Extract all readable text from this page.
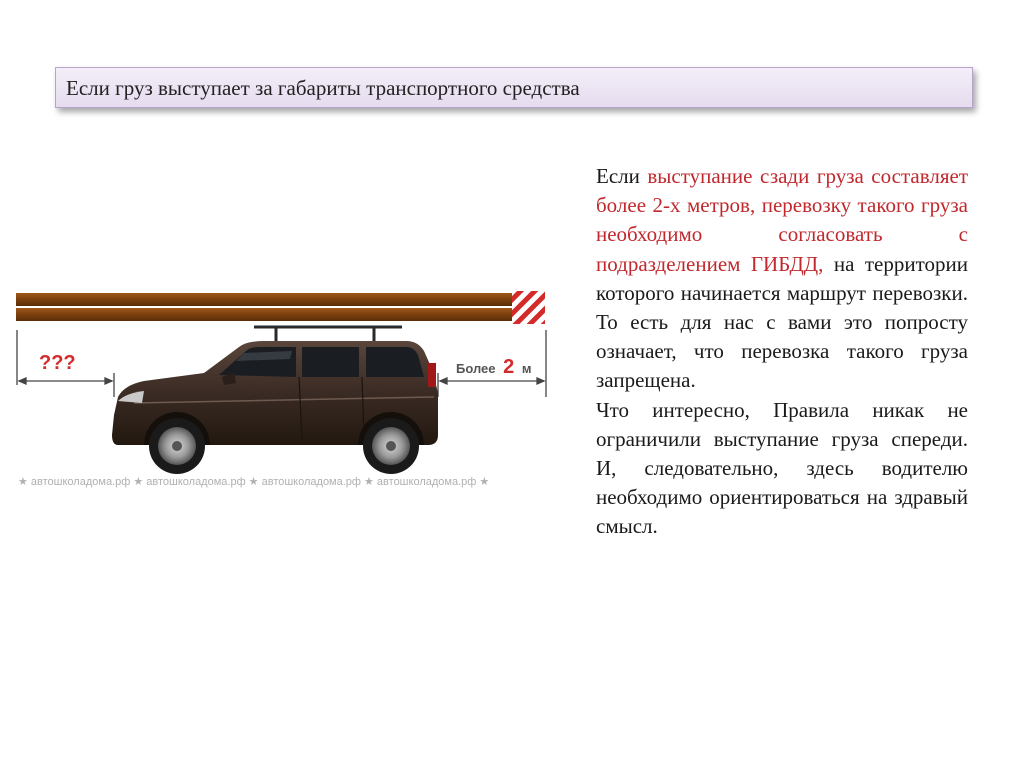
Если груз выступает за габариты транспортного средства
???	Более 2 м
★ автошколадома.рф ★ автошколадома.рф ★ автошколадома.рф ★ автошколадома.рф ★

Если выступание сзади груза составляет более 2-х метров, перевозку такого груза необходимо согласовать с подразделением ГИБДД, на территории которого начинается маршрут перевозки. То есть для нас с вами это попросту означает, что перевозка такого груза запрещена.

Что интересно, Правила никак не ограничили выступание груза спереди. И, следовательно, здесь водителю необходимо ориентироваться на здравый смысл.
